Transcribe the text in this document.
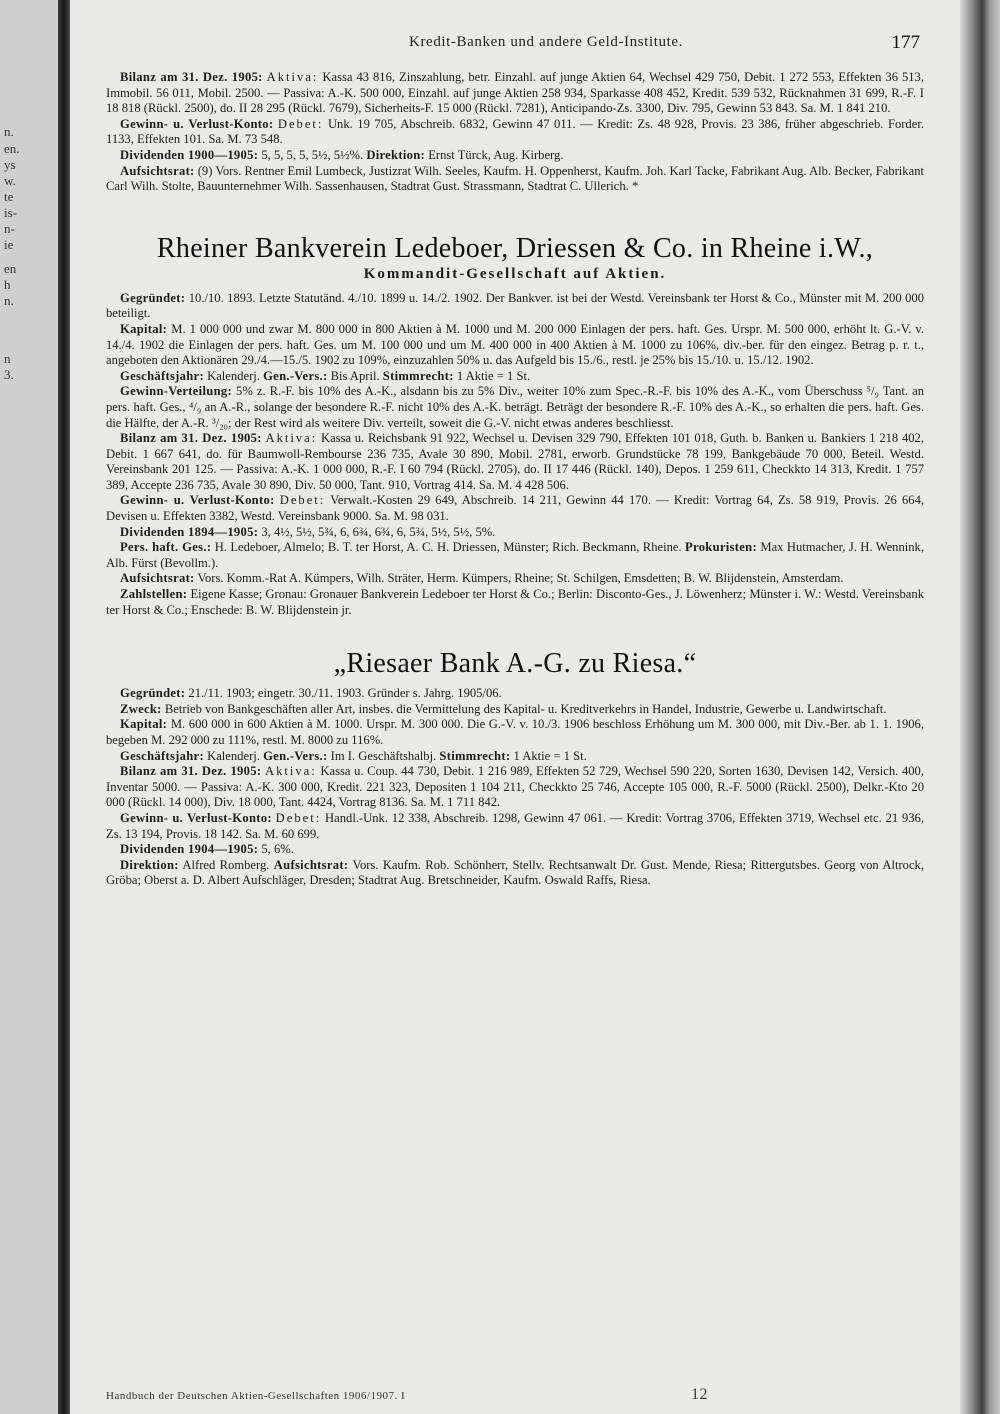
n.
en.
ys
w.
te
is-
n-
ie
en
h
n.
n
3.
Kredit-Banken und andere Geld-Institute.	177

Bilanz am 31. Dez. 1905: Aktiva: Kassa 43 816, Zinszahlung, betr. Einzahl. auf junge Aktien 64, Wechsel 429 750, Debit. 1 272 553, Effekten 36 513, Immobil. 56 011, Mobil. 2500. — Passiva: A.-K. 500 000, Einzahl. auf junge Aktien 258 934, Sparkasse 408 452, Kredit. 539 532, Rücknahmen 31 699, R.-F. I 18 818 (Rückl. 2500), do. II 28 295 (Rückl. 7679), Sicherheits-F. 15 000 (Rückl. 7281), Anticipando-Zs. 3300, Div. 795, Gewinn 53 843. Sa. M. 1 841 210.

Gewinn- u. Verlust-Konto: Debet: Unk. 19 705, Abschreib. 6832, Gewinn 47 011. — Kredit: Zs. 48 928, Provis. 23 386, früher abgeschrieb. Forder. 1133, Effekten 101. Sa. M. 73 548.

Dividenden 1900—1905: 5, 5, 5, 5, 5½, 5½%. Direktion: Ernst Türck, Aug. Kirberg.

Aufsichtsrat: (9) Vors. Rentner Emil Lumbeck, Justizrat Wilh. Seeles, Kaufm. H. Oppenherst, Kaufm. Joh. Karl Tacke, Fabrikant Aug. Alb. Becker, Fabrikant Carl Wilh. Stolte, Bauunternehmer Wilh. Sassenhausen, Stadtrat Gust. Strassmann, Stadtrat C. Ullerich. *

Rheiner Bankverein Ledeboer, Driessen & Co. in Rheine i.W.,

Kommandit-Gesellschaft auf Aktien.

Gegründet: 10./10. 1893. Letzte Statutänd. 4./10. 1899 u. 14./2. 1902. Der Bankver. ist bei der Westd. Vereinsbank ter Horst & Co., Münster mit M. 200 000 beteiligt.

Kapital: M. 1 000 000 und zwar M. 800 000 in 800 Aktien à M. 1000 und M. 200 000 Einlagen der pers. haft. Ges. Urspr. M. 500 000, erhöht lt. G.-V. v. 14./4. 1902 die Einlagen der pers. haft. Ges. um M. 100 000 und um M. 400 000 in 400 Aktien à M. 1000 zu 106%, div.-ber. für den eingez. Betrag p. r. t., angeboten den Aktionären 29./4.—15./5. 1902 zu 109%, einzuzahlen 50% u. das Aufgeld bis 15./6., restl. je 25% bis 15./10. u. 15./12. 1902.

Geschäftsjahr: Kalenderj. Gen.-Vers.: Bis April. Stimmrecht: 1 Aktie = 1 St.

Gewinn-Verteilung: 5% z. R.-F. bis 10% des A.-K., alsdann bis zu 5% Div., weiter 10% zum Spec.-R.-F. bis 10% des A.-K., vom Überschuss ⁵/₉ Tant. an pers. haft. Ges., ⁴/₉ an A.-R., solange der besondere R.-F. nicht 10% des A.-K. beträgt. Beträgt der besondere R.-F. 10% des A.-K., so erhalten die pers. haft. Ges. die Hälfte, der A.-R. ³/₂₀; der Rest wird als weitere Div. verteilt, soweit die G.-V. nicht etwas anderes beschliesst.

Bilanz am 31. Dez. 1905: Aktiva: Kassa u. Reichsbank 91 922, Wechsel u. Devisen 329 790, Effekten 101 018, Guth. b. Banken u. Bankiers 1 218 402, Debit. 1 667 641, do. für Baumwoll-Rembourse 236 735, Avale 30 890, Mobil. 2781, erworb. Grundstücke 78 199, Bankgebäude 70 000, Beteil. Westd. Vereinsbank 201 125. — Passiva: A.-K. 1 000 000, R.-F. I 60 794 (Rückl. 2705), do. II 17 446 (Rückl. 140), Depos. 1 259 611, Checkkto 14 313, Kredit. 1 757 389, Accepte 236 735, Avale 30 890, Div. 50 000, Tant. 910, Vortrag 414. Sa. M. 4 428 506.

Gewinn- u. Verlust-Konto: Debet: Verwalt.-Kosten 29 649, Abschreib. 14 211, Gewinn 44 170. — Kredit: Vortrag 64, Zs. 58 919, Provis. 26 664, Devisen u. Effekten 3382, Westd. Vereinsbank 9000. Sa. M. 98 031.

Dividenden 1894—1905: 3, 4½, 5½, 5¾, 6, 6¾, 6¾, 6, 5¾, 5½, 5½, 5%.

Pers. haft. Ges.: H. Ledeboer, Almelo; B. T. ter Horst, A. C. H. Driessen, Münster; Rich. Beckmann, Rheine. Prokuristen: Max Hutmacher, J. H. Wennink, Alb. Fürst (Bevollm.).

Aufsichtsrat: Vors. Komm.-Rat A. Kümpers, Wilh. Sträter, Herm. Kümpers, Rheine; St. Schilgen, Emsdetten; B. W. Blijdenstein, Amsterdam.

Zahlstellen: Eigene Kasse; Gronau: Gronauer Bankverein Ledeboer ter Horst & Co.; Berlin: Disconto-Ges., J. Löwenherz; Münster i. W.: Westd. Vereinsbank ter Horst & Co.; Enschede: B. W. Blijdenstein jr.

„Riesaer Bank A.-G. zu Riesa.“

Gegründet: 21./11. 1903; eingetr. 30./11. 1903. Gründer s. Jahrg. 1905/06.

Zweck: Betrieb von Bankgeschäften aller Art, insbes. die Vermittelung des Kapital- u. Kreditverkehrs in Handel, Industrie, Gewerbe u. Landwirtschaft.

Kapital: M. 600 000 in 600 Aktien à M. 1000. Urspr. M. 300 000. Die G.-V. v. 10./3. 1906 beschloss Erhöhung um M. 300 000, mit Div.-Ber. ab 1. 1. 1906, begeben M. 292 000 zu 111%, restl. M. 8000 zu 116%.

Geschäftsjahr: Kalenderj. Gen.-Vers.: Im I. Geschäftshalbj. Stimmrecht: 1 Aktie = 1 St.

Bilanz am 31. Dez. 1905: Aktiva: Kassa u. Coup. 44 730, Debit. 1 216 989, Effekten 52 729, Wechsel 590 220, Sorten 1630, Devisen 142, Versich. 400, Inventar 5000. — Passiva: A.-K. 300 000, Kredit. 221 323, Depositen 1 104 211, Checkkto 25 746, Accepte 105 000, R.-F. 5000 (Rückl. 2500), Delkr.-Kto 20 000 (Rückl. 14 000), Div. 18 000, Tant. 4424, Vortrag 8136. Sa. M. 1 711 842.

Gewinn- u. Verlust-Konto: Debet: Handl.-Unk. 12 338, Abschreib. 1298, Gewinn 47 061. — Kredit: Vortrag 3706, Effekten 3719, Wechsel etc. 21 936, Zs. 13 194, Provis. 18 142. Sa. M. 60 699.

Dividenden 1904—1905: 5, 6%.

Direktion: Alfred Romberg. Aufsichtsrat: Vors. Kaufm. Rob. Schönherr, Stellv. Rechtsanwalt Dr. Gust. Mende, Riesa; Rittergutsbes. Georg von Altrock, Gröba; Oberst a. D. Albert Aufschläger, Dresden; Stadtrat Aug. Bretschneider, Kaufm. Oswald Raffs, Riesa.

Handbuch der Deutschen Aktien-Gesellschaften 1906/1907. I	12
